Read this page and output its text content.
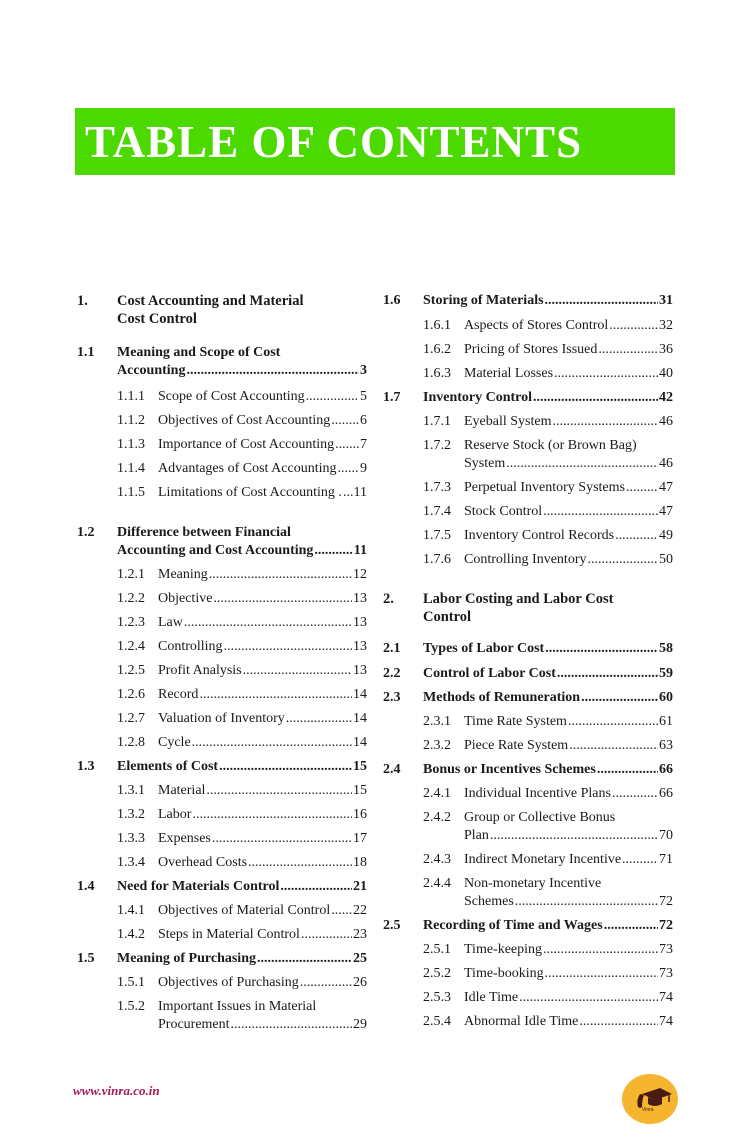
TABLE OF CONTENTS
1. Cost Accounting and Material
Cost Control
1.1 Meaning and Scope of Cost
Accounting .....	3
1.1.1 Scope of Cost Accounting .....	5
1.1.2 Objectives of Cost Accounting ..... 6
1.1.3 Importance of Cost Accounting ..... 7
1.1.4 Advantages of Cost Accounting ..... 9
1.1.5 Limitations of Cost Accounting . ..... 11
1.2 Difference between Financial
Accounting and Cost Accounting .....	11
1.2.1 Meaning .....	12
1.2.2 Objective .....	13
1.2.3 Law .....	13
1.2.4 Controlling .....	13
1.2.5 Profit Analysis .....	13
1.2.6 Record .....	14
1.2.7 Valuation of Inventory .....	14
1.2.8 Cycle .....	14
1.3 Elements of Cost .....	15
1.3.1 Material .....	15
1.3.2 Labor .....	16
1.3.3 Expenses .....	17
1.3.4 Overhead Costs .....	18
1.4 Need for Materials Control .....	21
1.4.1 Objectives of Material Control ..... 22
1.4.2 Steps in Material Control .....	23
1.5 Meaning of Purchasing .....	25
1.5.1 Objectives of Purchasing .....	26
1.5.2 Important Issues in Material
Procurement .....	29
1.6 Storing of Materials .....	31
1.6.1 Aspects of Stores Control .....	32
1.6.2 Pricing of Stores Issued .....	36
1.6.3 Material Losses .....	40
1.7 Inventory Control .....	42
1.7.1 Eyeball System .....	46
1.7.2 Reserve Stock (or Brown Bag)
System .....	46
1.7.3 Perpetual Inventory Systems ..... 47
1.7.4 Stock Control .....	47
1.7.5 Inventory Control Records .....	49
1.7.6 Controlling Inventory .....	50
2. Labor Costing and Labor Cost
Control
2.1 Types of Labor Cost .....	58
2.2 Control of Labor Cost .....	59
2.3 Methods of Remuneration .....	60
2.3.1 Time Rate System .....	61
2.3.2 Piece Rate System .....	63
2.4 Bonus or Incentives Schemes .....	66
2.4.1 Individual Incentive Plans .....	66
2.4.2 Group or Collective Bonus
Plan .....	70
2.4.3 Indirect Monetary Incentive .....	71
2.4.4 Non-monetary Incentive
Schemes .....	72
2.5 Recording of Time and Wages .....	72
2.5.1 Time-keeping .....	73
2.5.2 Time-booking .....	73
2.5.3 Idle Time .....	74
2.5.4 Abnormal Idle Time .....	74
www.vinra.co.in
Vinra
